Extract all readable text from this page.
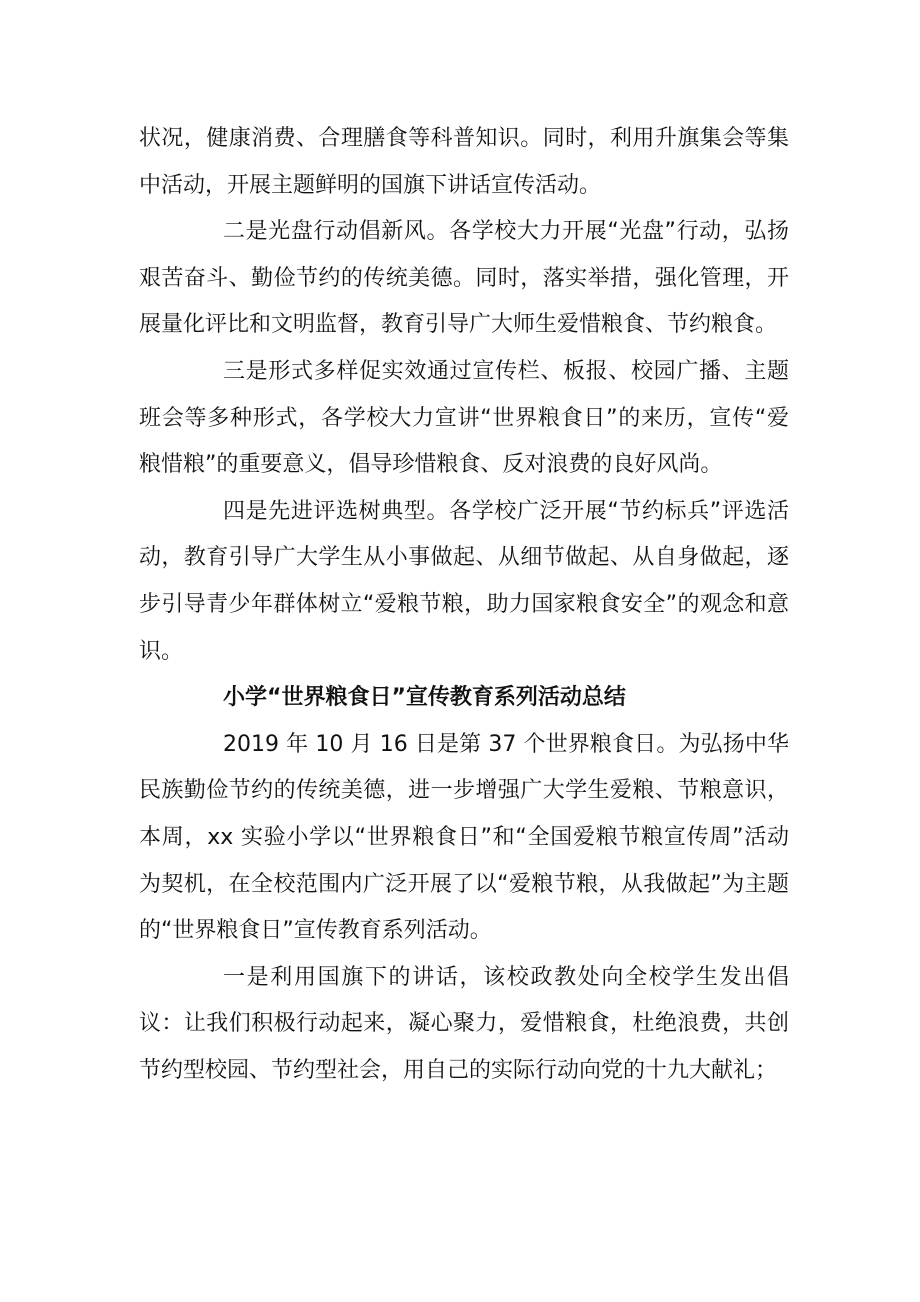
状况，健康消费、合理膳食等科普知识。同时，利用升旗集会等集中活动，开展主题鲜明的国旗下讲话宣传活动。

二是光盘行动倡新风。各学校大力开展“光盘”行动，弘扬艰苦奋斗、勤俭节约的传统美德。同时，落实举措，强化管理，开展量化评比和文明监督，教育引导广大师生爱惜粮食、节约粮食。

三是形式多样促实效通过宣传栏、板报、校园广播、主题班会等多种形式，各学校大力宣讲“世界粮食日”的来历，宣传“爱粮惜粮”的重要意义，倡导珍惜粮食、反对浪费的良好风尚。

四是先进评选树典型。各学校广泛开展“节约标兵”评选活动，教育引导广大学生从小事做起、从细节做起、从自身做起，逐步引导青少年群体树立“爱粮节粮，助力国家粮食安全”的观念和意识。

小学“世界粮食日”宣传教育系列活动总结

2019 年 10 月 16 日是第 37 个世界粮食日。为弘扬中华民族勤俭节约的传统美德，进一步增强广大学生爱粮、节粮意识，本周，xx 实验小学以“世界粮食日”和“全国爱粮节粮宣传周”活动为契机，在全校范围内广泛开展了以“爱粮节粮，从我做起”为主题的“世界粮食日”宣传教育系列活动。

一是利用国旗下的讲话，该校政教处向全校学生发出倡议：让我们积极行动起来，凝心聚力，爱惜粮食，杜绝浪费，共创节约型校园、节约型社会，用自己的实际行动向党的十九大献礼；
